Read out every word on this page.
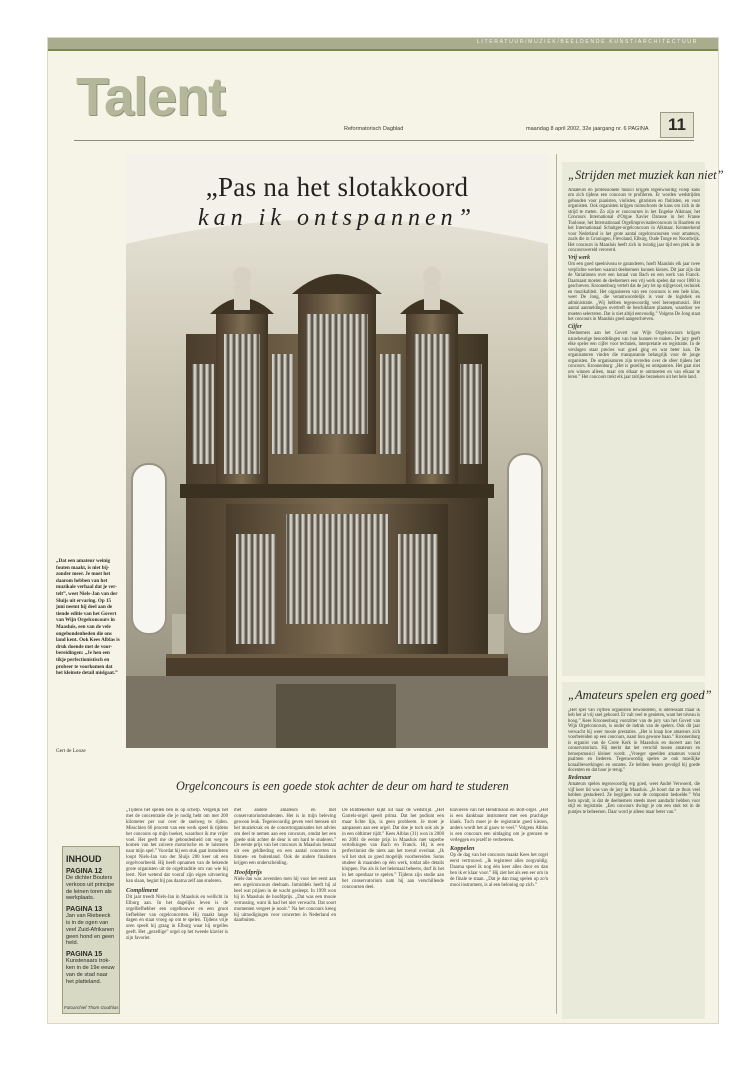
LITERATUUR/MUZIEK/BEELDENDE KUNST/ARCHITECTUUR
Talent
Reformatorisch Dagblad	maandag 8 april 2002, 32e jaargang nr. 6 PAGINA	11
„Pas na het slotakkoord
kan ik ontspannen”
„Dat een amateur weinig fouten maakt, is niet bij- zonder meer. Je moet het daarom hebben van het muzikale verhaal dat je ver- telt”, weet Niels-Jan van der Sluijs uit ervaring. Op 15 juni neemt hij deel aan de tiende editie van het Govert van Wijn Orgelconcours in Maasluis, een van de vele ongebondenheden die ons land kent. Ook Kees Alblas is druk doende met de voor- bereidingen: „Je hen een tikje perfectionistisch en probeer te voorkomen dat het kleinste detail mislgaat.”
Gert de Looze
Orgelconcours is een goede stok achter de deur om hard te studeren
„Tijdens het spelen ben ik op scherp. Vergelijk het met de concentratie die je nodig hebt om met 200 kilometer per uur over de snelweg te rijden. Misschien 66 procent van een werk speel ik tijdens het concours op mijn boeket, waardoor ik me vrijer voel. Het geeft me de gebondenheid om weg te komen van het zuivere motorische en te luisteren naar mijn spel.” Voordat hij een stuk gaat instuderen loopt Niels-Jan van der Sluijs 200 keer uit een orgelvoorbeeld. Hij heeft opnamen van de bekende grote organisten uit de orgeltraditie om van wie hij leert. Niet wetend dat vooraf zijn eigen uitvoering kan slaan, begint hij pas daarna zelf aan studeren.
Compliment
Dit jaar treedt Niels-Jan in Maasluis en wellicht in Elburg aan. In het dagelijks leven is de orgelliefhebber een orgelbouwer en een groot liefhebber van orgelconcerten. Hij maakt lange dagen en staat vroeg op om te spelen. Tijdens vrije uren speelt hij graag in Elburg waar hij orgelles geeft. Het „gezellige” orgel op het tweede klavier is zijn favoriet.
met andere amateurs en met conservatoriumstudenten. Het is in mijn beleving gewoon leuk. Tegenwoordig geven veel mensen uit het muziekvak en de concertorganisaties het advies om deel te nemen aan een concours, omdat het een goede stok achter de deur is om hard te studeren.” De eerste prijs van het concours in Maasluis bestaat uit een geldbedrag en een aantal concerten in binnen- en buitenland. Ook de andere finalisten krijgen een onderscheiding.
Hoofdprijs
Niels-Jan was zeventien toen hij voor het eerst aan een orgelconcours deelnam. Inmiddels heeft hij al heel wat prijzen in de wacht gesleept. In 1999 won hij in Maasluis de hoofdprijs. „Dat was een mooie verrassing, want ik had het niet verwacht. Dat soort momenten vergeet je nooit.” Na het concours kreeg hij uitnodigingen voor concerten in Nederland en daarbuiten.
De Bildtekerker kijkt uit naar de wedstrijd. „Het Garrels-orgel speelt prima. Dat het podium een maar lichte lijn, is geen probleem. Je moet je aanpassen aan een orgel. Dat doe je toch ook als je in een oldtimer rijdt.” Kees Alblas (31) won in 2000 en 2001 de eerste prijs in Maasluis met superbe vertolkingen van Bach en Franck. Hij is een perfectionist die niets aan het toeval overlaat. „Ik wil het stuk zo goed mogelijk voorbereiden. Soms studeer ik maanden op één werk, totdat alle details kloppen. Pas als ik het helemaal beheers, durf ik het in het openbaar te spelen.” Tijdens zijn studie aan het conservatorium nam hij aan verschillende concoursen deel.
klavieren van het Hendrikson en Bolt-orgel. „Het is een dankbaar instrument met een prachtige klank. Toch moet je de registratie goed kiezen, anders wordt het al gauw te veel.” Volgens Alblas is een concours een uitdaging om je grenzen te verleggen en jezelf te verbeteren.
Koppelen
Op de dag van het concours maakt Kees het orgel eerst vertrouwd. „Ik registreer alles zorgvuldig. Daarna speel ik nog één keer alles door en dan ben ik er klaar voor.” Hij ziet het als een eer om in de finale te staan. „Dat je dan mag spelen op zo'n mooi instrument, is al een beloning op zich.”
INHOUD
PAGINA 12
De dichter Bouters verkoos uit principe de leinen toren als werkplaats.
PAGINA 13
Jan van Riebeeck is in de ogen van veel Zuid-Afrikanen geen hond en geen held.
PAGINA 15
Kunstenaars trok- ken in de 19e eeuw van de stad naar het platteland.
Fotoarchief Thom Gouthlas
„Strijden met muziek kan niet”
Amateurs en professionele musici krijgen tegenwoordig volop kans om zich tijdens een concours te profileren. Er worden wedstrijden gehouden voor pianisten, violisten, gitaristen en fluitisten, en voor organisten. Ook organisten krijgen ruimschoots de kans om zich in de strijd te meten. Zo zijn er concoursen in het Engelse Alkmaar, het Concours International d'Orgue Xavier Darasse in het Franse Toulouse, het Internationaal Orgelimprovisatieconcours in Haarlem en het Internationaal Schnitger-orgelconcours in Alkmaar. Kenmerkend voor Nederland is het grote aantal orgelconcoursen voor amateurs, zoals die in Groningen, Flevoland, Elburg, Oude Tonge en Noordwijk. Het concours in Maasluis heeft zich in twintig jaar tijd een plek in de concourswereld veroverd.
Vrij werk
Om een goed speelniveau te garanderen, hoeft Maasluis elk jaar twee verplichte werken waaruit deelnemers kunnen kiezen. Dit jaar zijn dat de Variationen over een koraal van Bach en een werk van Franck. Daarnaast moeten de deelnemers een vrij werk spelen dat voor 1800 is geschreven. Kroonenburg vertelt dat de jury let op stijlgevoel, techniek en muzikaliteit. Het organiseren van een concours is een hele klus, weet De Jong, die verantwoordelijk is voor de logistiek en administratie. „Wij hebben tegenwoordig veel beroepsmusici. Het aantal aanmeldingen overtreft de beschikbare plaatsen, waardoor we moeten selecteren. Dat is niet altijd eenvoudig.” Volgens De Jong staat het concours in Maasluis goed aangeschreven.
Cijfer
Deelnemers aan het Govert van Wijn Orgelconcours krijgen nauwkeurige beoordelingen van hun kunnen te maken. De jury geeft elke speler een cijfer voor techniek, interpretatie en registratie. In de verslagen staat precies wat goed ging en wat beter kan. De organisatoren vinden die transparantie belangrijk voor de jonge organisten. De organisatoren zijn tevreden over de sfeer tijdens het concours. Kroonenburg: „Het is gezellig en ontspannen. Het gaat niet om winnen alleen, maar om elkaar te ontmoeten en van elkaar te leren.” Het concours trekt elk jaar talrijke bezoekers uit het hele land.
„Amateurs spelen erg goed”
„Het spel van vijftien organisten bewonderen, is interessant maar ik heb het al vrij snel gehoord. Er valt veel te genieten, want het niveau is hoog.” Kees Kroonenburg voorzitter van de jury van het Govert van Wijn Orgelconcours, is onder de indruk van de spelers. Ook dit jaar verwacht hij weer mooie prestaties. „Het is knap hoe amateurs zich voorbereiden op een concours, naast hun gewone baan.” Kroonenburg is organist van de Grote Kerk in Maassluis en doceert aan het conservatorium. Hij merkt dat het verschil tussen amateurs en beroepsmusici kleiner wordt. „Vroeger speelden amateurs vooral psalmen en liederen. Tegenwoordig spelen ze ook moeilijke koraalbewerkingen en sonates. Ze hebben lessen gevolgd bij goede docenten en dat hoor je terug.”
Redenaar
Amateurs spelen tegenwoordig erg goed, weet André Verwoerd, die vijf keer lid was van de jury in Maasluis. „Je hoort dat ze thuis veel hebben gestudeerd. Ze begrijpen wat de componist bedoelde.” Wat hem opvalt, is dat de deelnemers steeds meer aandacht hebben voor stijl en registratie. „Een concours dwingt je om een stuk tot in de puntjes te beheersen. Daar word je alleen maar beter van.”
